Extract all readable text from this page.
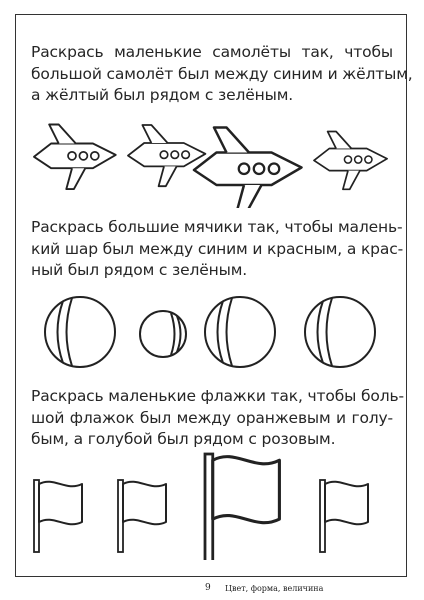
Раскрась маленькие самолёты так, чтобы
большой самолёт был между синим и жёлтым,
а жёлтый был рядом с зелёным.

Раскрась большие мячики так, чтобы малень-
кий шар был между синим и красным, а крас-
ный был рядом с зелёным.

Раскрась маленькие флажки так, чтобы боль-
шой флажок был между оранжевым и голу-
бым, а голубой был рядом с розовым.

9 Цвет, форма, величина
